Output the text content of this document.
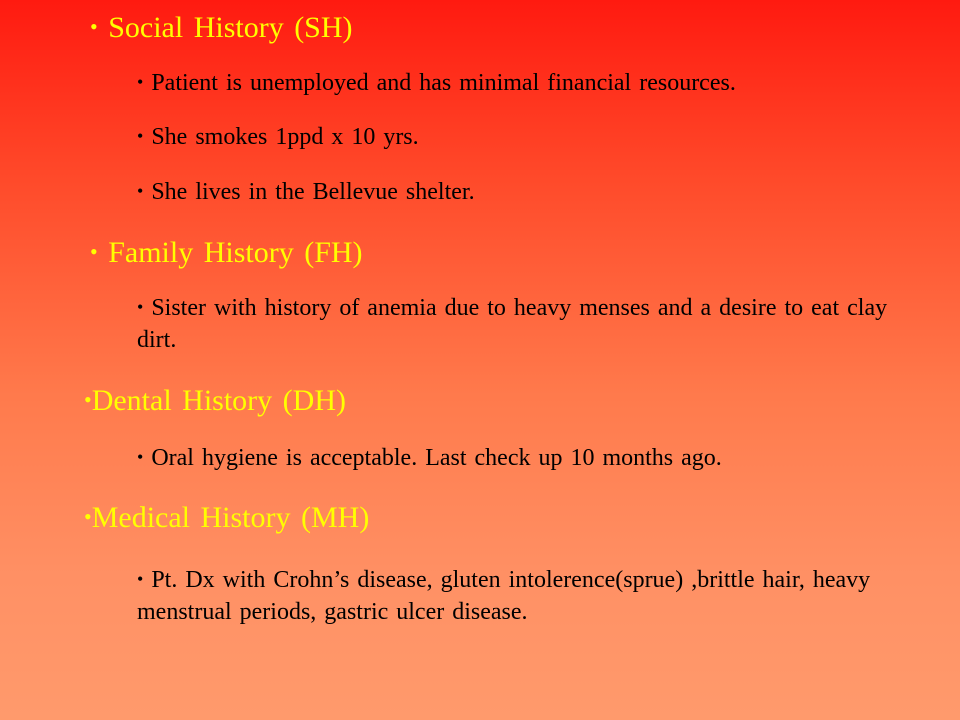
• Social History (SH)
• Patient is unemployed and has minimal financial resources.
• She smokes 1ppd x 10 yrs.
• She lives in the Bellevue shelter.
• Family History (FH)
• Sister with history of anemia due to heavy menses and a desire to eat clay dirt.
•Dental History (DH)
• Oral hygiene is acceptable. Last check up 10 months ago.
•Medical History (MH)
• Pt. Dx with Crohn’s disease, gluten intolerence(sprue) ,brittle hair, heavy menstrual periods, gastric ulcer disease.
